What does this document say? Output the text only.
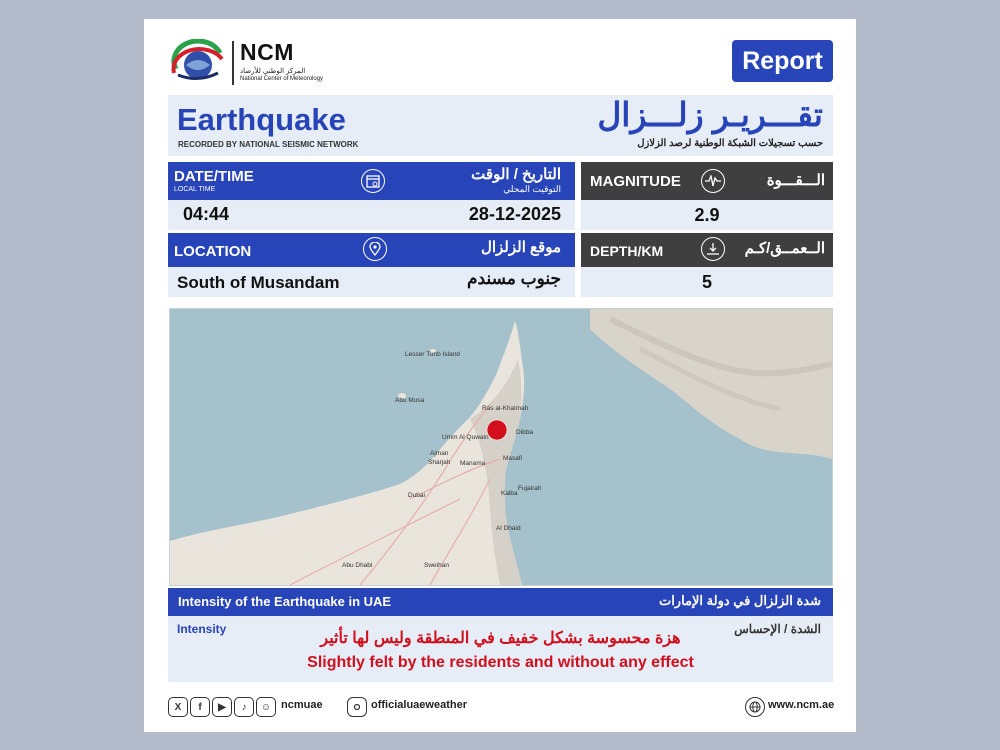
NCM
المركز الوطني للأرصاد
National Center of Meteorology
Report
Earthquake
RECORDED BY NATIONAL SEISMIC NETWORK
تقـــريـر زلـــزال
حسب تسجيلات الشبكة الوطنية لرصد الزلازل
DATE/TIME
LOCAL TIME
التاريخ / الوقت
التوقيت المحلي
04:44	28-12-2025
MAGNITUDE	الـــقـــوة
2.9
LOCATION	موقع الزلزال
South of Musandam	جنوب مسندم
DEPTH/KM	الــعمــق/كـم
5
Lesser Tunb Island
Abu Musa
Ras al-Khaimah
Umm Al Quwain
Ajman
Sharjah Manama
Dubai
Masafi
Fujairah
Kalba
Al Dhaid
Abu Dhabi	Sweihan
Dibba
Intensity of the Earthquake in UAE	شدة الزلزال في دولة الإمارات
Intensity	الشدة / الإحساس
هزة محسوسة بشكل خفيف في المنطقة وليس لها تأثير
Slightly felt by the residents and without any effect
X	f	▶	♪	☺ ncmuae	officialuaeweather	www.ncm.ae
